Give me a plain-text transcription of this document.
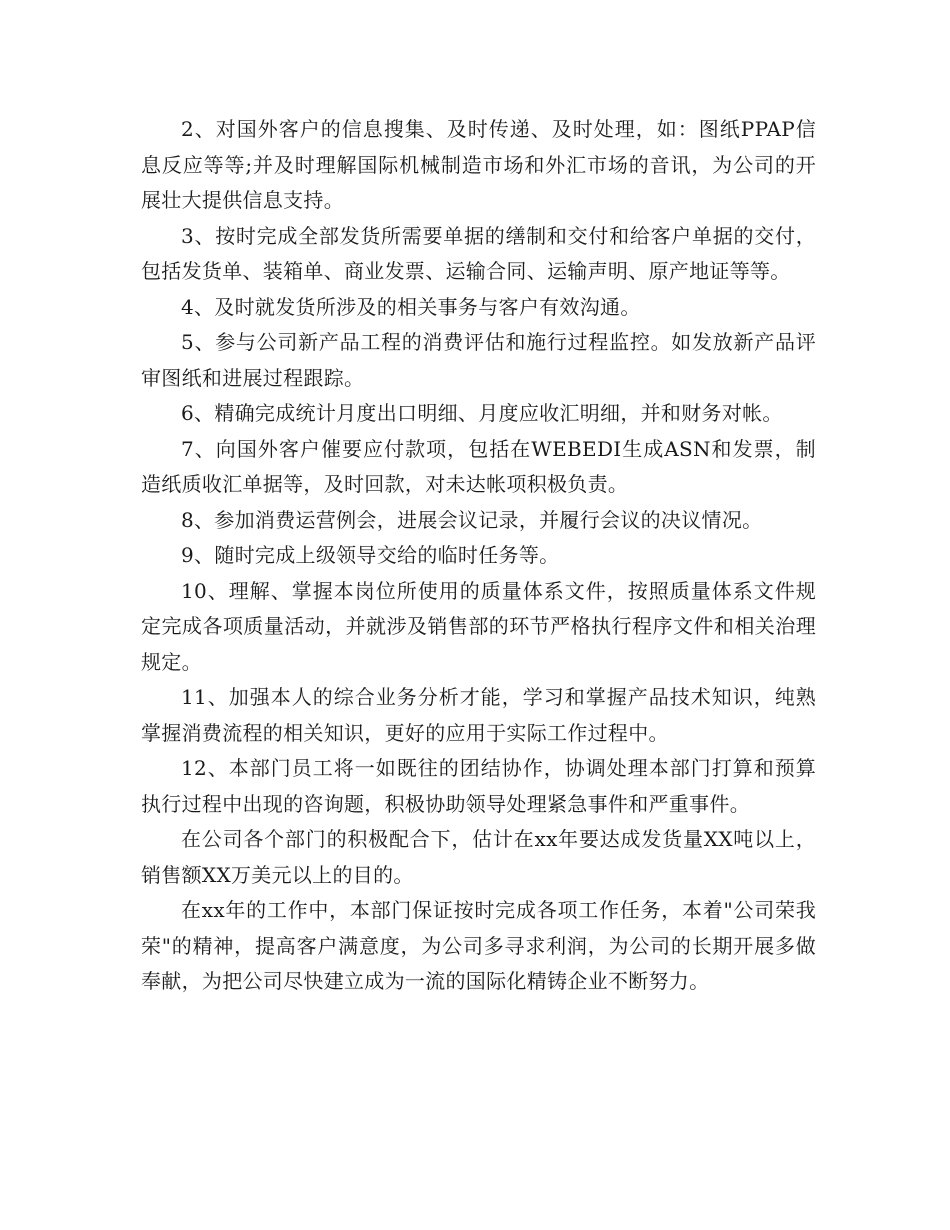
2、对国外客户的信息搜集、及时传递、及时处理，如：图纸PPAP信息反应等等;并及时理解国际机械制造市场和外汇市场的音讯，为公司的开展壮大提供信息支持。

3、按时完成全部发货所需要单据的缮制和交付和给客户单据的交付，包括发货单、装箱单、商业发票、运输合同、运输声明、原产地证等等。

4、及时就发货所涉及的相关事务与客户有效沟通。

5、参与公司新产品工程的消费评估和施行过程监控。如发放新产品评审图纸和进展过程跟踪。

6、精确完成统计月度出口明细、月度应收汇明细，并和财务对帐。

7、向国外客户催要应付款项，包括在WEBEDI生成ASN和发票，制造纸质收汇单据等，及时回款，对未达帐项积极负责。

8、参加消费运营例会，进展会议记录，并履行会议的决议情况。

9、随时完成上级领导交给的临时任务等。

10、理解、掌握本岗位所使用的质量体系文件，按照质量体系文件规定完成各项质量活动，并就涉及销售部的环节严格执行程序文件和相关治理规定。

11、加强本人的综合业务分析才能，学习和掌握产品技术知识，纯熟掌握消费流程的相关知识，更好的应用于实际工作过程中。

12、本部门员工将一如既往的团结协作，协调处理本部门打算和预算执行过程中出现的咨询题，积极协助领导处理紧急事件和严重事件。

在公司各个部门的积极配合下，估计在xx年要达成发货量XX吨以上，销售额XX万美元以上的目的。

在xx年的工作中，本部门保证按时完成各项工作任务，本着"公司荣我荣"的精神，提高客户满意度，为公司多寻求利润，为公司的长期开展多做奉献，为把公司尽快建立成为一流的国际化精铸企业不断努力。
